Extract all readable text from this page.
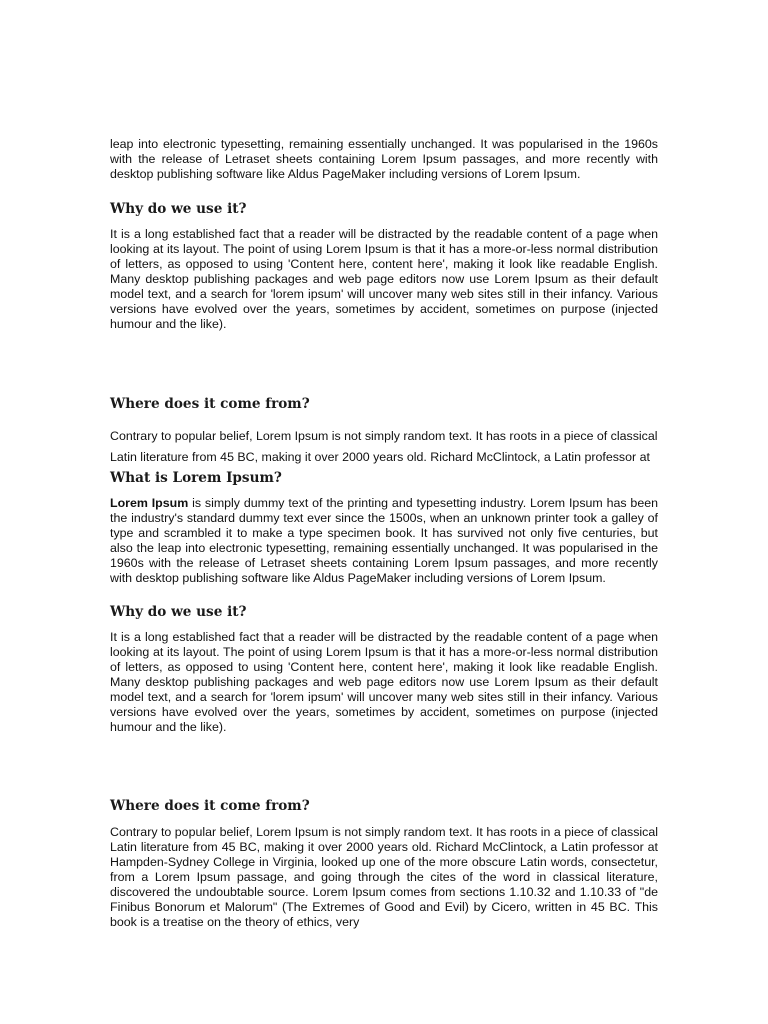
leap into electronic typesetting, remaining essentially unchanged. It was popularised in the 1960s with the release of Letraset sheets containing Lorem Ipsum passages, and more recently with desktop publishing software like Aldus PageMaker including versions of Lorem Ipsum.

Why do we use it?

It is a long established fact that a reader will be distracted by the readable content of a page when looking at its layout. The point of using Lorem Ipsum is that it has a more-or-less normal distribution of letters, as opposed to using 'Content here, content here', making it look like readable English. Many desktop publishing packages and web page editors now use Lorem Ipsum as their default model text, and a search for 'lorem ipsum' will uncover many web sites still in their infancy. Various versions have evolved over the years, sometimes by accident, sometimes on purpose (injected humour and the like).

Where does it come from?

Contrary to popular belief, Lorem Ipsum is not simply random text. It has roots in a piece of classical Latin literature from 45 BC, making it over 2000 years old. Richard McClintock, a Latin professor at What is Lorem Ipsum?

Lorem Ipsum is simply dummy text of the printing and typesetting industry. Lorem Ipsum has been the industry's standard dummy text ever since the 1500s, when an unknown printer took a galley of type and scrambled it to make a type specimen book. It has survived not only five centuries, but also the leap into electronic typesetting, remaining essentially unchanged. It was popularised in the 1960s with the release of Letraset sheets containing Lorem Ipsum passages, and more recently with desktop publishing software like Aldus PageMaker including versions of Lorem Ipsum.

Why do we use it?

It is a long established fact that a reader will be distracted by the readable content of a page when looking at its layout. The point of using Lorem Ipsum is that it has a more-or-less normal distribution of letters, as opposed to using 'Content here, content here', making it look like readable English. Many desktop publishing packages and web page editors now use Lorem Ipsum as their default model text, and a search for 'lorem ipsum' will uncover many web sites still in their infancy. Various versions have evolved over the years, sometimes by accident, sometimes on purpose (injected humour and the like).

Where does it come from?

Contrary to popular belief, Lorem Ipsum is not simply random text. It has roots in a piece of classical Latin literature from 45 BC, making it over 2000 years old. Richard McClintock, a Latin professor at Hampden-Sydney College in Virginia, looked up one of the more obscure Latin words, consectetur, from a Lorem Ipsum passage, and going through the cites of the word in classical literature, discovered the undoubtable source. Lorem Ipsum comes from sections 1.10.32 and 1.10.33 of "de Finibus Bonorum et Malorum" (The Extremes of Good and Evil) by Cicero, written in 45 BC. This book is a treatise on the theory of ethics, very
